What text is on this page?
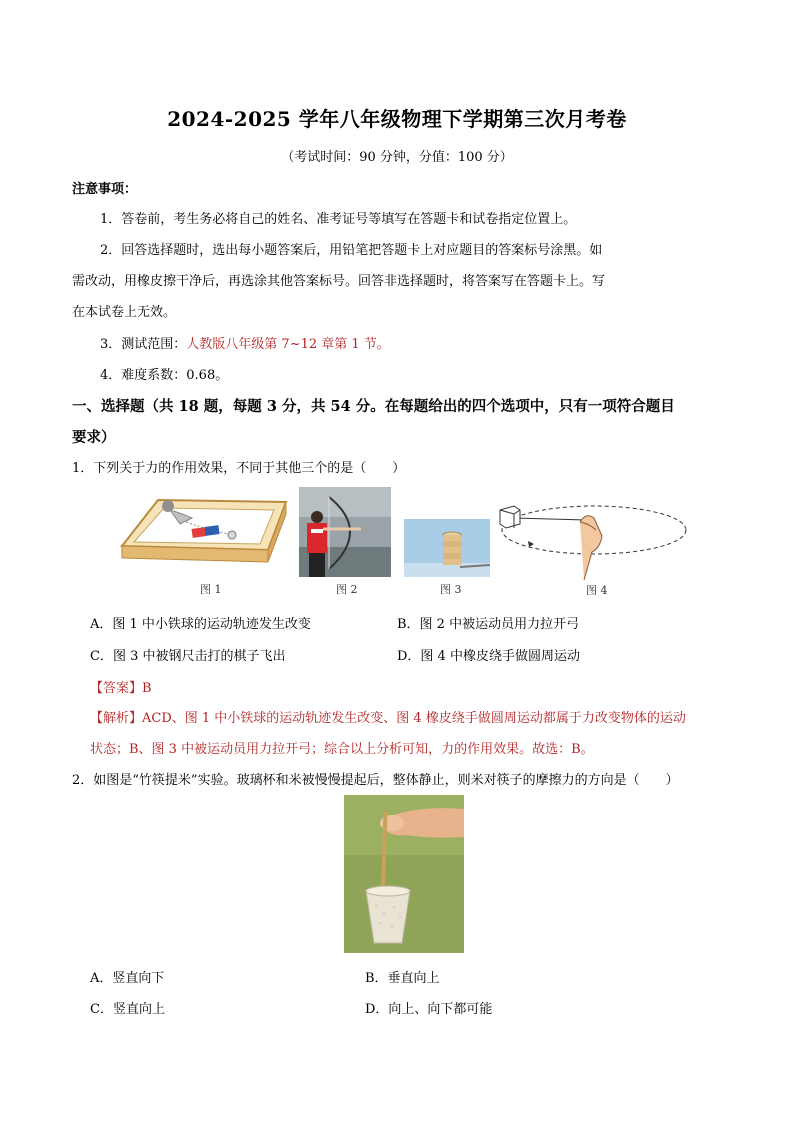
2024-2025 学年八年级物理下学期第三次月考卷
（考试时间：90 分钟，分值：100 分）
注意事项：
1．答卷前，考生务必将自己的姓名、准考证号等填写在答题卡和试卷指定位置上。
2．回答选择题时，选出每小题答案后，用铅笔把答题卡上对应题目的答案标号涂黑。如
需改动，用橡皮擦干净后，再选涂其他答案标号。回答非选择题时，将答案写在答题卡上。写
在本试卷上无效。
3．测试范围：人教版八年级第 7~12 章第 1 节。
4．难度系数：0.68。
一、选择题（共 18 题，每题 3 分，共 54 分。在每题给出的四个选项中，只有一项符合题目
要求）
1．下列关于力的作用效果，不同于其他三个的是（　　）
图 1	图 2	图 3	图 4
A．图 1 中小铁球的运动轨迹发生改变	B．图 2 中被运动员用力拉开弓
C．图 3 中被钢尺击打的棋子飞出	D．图 4 中橡皮绕手做圆周运动
【答案】B
【解析】ACD、图 1 中小铁球的运动轨迹发生改变、图 4 橡皮绕手做圆周运动都属于力改变物体的运动
状态；B、图 3 中被运动员用力拉开弓；综合以上分析可知，力的作用效果。故选：B。
2．如图是“竹筷提米”实验。玻璃杯和米被慢慢提起后，整体静止，则米对筷子的摩擦力的方向是（　　）
A．竖直向下	B．垂直向上
C．竖直向上	D．向上、向下都可能
